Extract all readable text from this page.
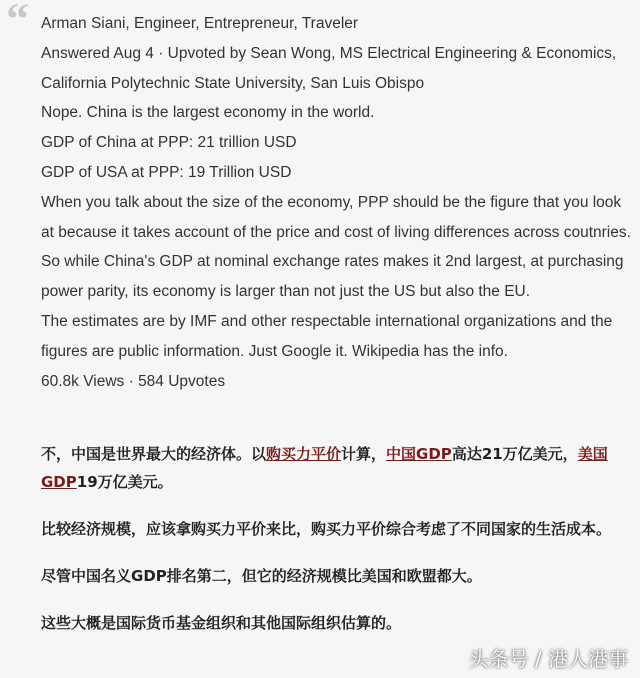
“ Arman Siani, Engineer, Entrepreneur, Traveler

Answered Aug 4 · Upvoted by Sean Wong, MS Electrical Engineering & Economics, California Polytechnic State University, San Luis Obispo

Nope. China is the largest economy in the world.

GDP of China at PPP: 21 trillion USD

GDP of USA at PPP: 19 Trillion USD

When you talk about the size of the economy, PPP should be the figure that you look at because it takes account of the price and cost of living differences across coutnries.

So while China's GDP at nominal exchange rates makes it 2nd largest, at purchasing power parity, its economy is larger than not just the US but also the EU.

The estimates are by IMF and other respectable international organizations and the figures are public information. Just Google it. Wikipedia has the info.

60.8k Views · 584 Upvotes

不，中国是世界最大的经济体。以购买力平价计算，中国GDP高达21万亿美元，美国GDP19万亿美元。

比较经济规模，应该拿购买力平价来比，购买力平价综合考虑了不同国家的生活成本。

尽管中国名义GDP排名第二，但它的经济规模比美国和欧盟都大。

这些大概是国际货币基金组织和其他国际组织估算的。

头条号 / 港人港事
